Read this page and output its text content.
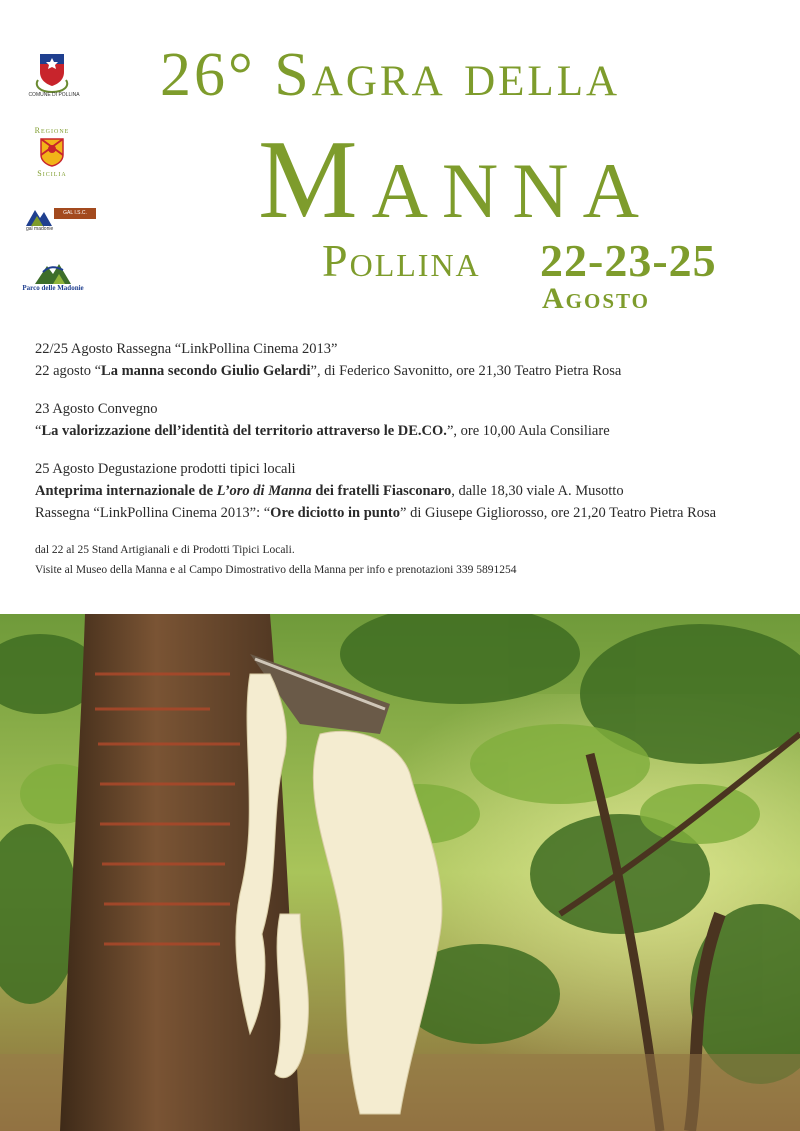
COMUNE DI POLLINA
Regione
Sicilia
GAL I.S.C. MADONIE
gal madonie
Parco delle Madonie
26° Sagra della
Manna
Pollina 22-23-25
Agosto
22/25 Agosto Rassegna “LinkPollina Cinema 2013”
22 agosto “La manna secondo Giulio Gelardi”, di Federico Savonitto, ore 21,30 Teatro Pietra Rosa
23 Agosto Convegno
“La valorizzazione dell’identità del territorio attraverso le DE.CO.”, ore 10,00 Aula Consiliare
25 Agosto Degustazione prodotti tipici locali
Anteprima internazionale de L’oro di Manna dei fratelli Fiasconaro, dalle 18,30 viale A. Musotto
Rassegna “LinkPollina Cinema 2013”: “Ore diciotto in punto” di Giusepe Gigliorosso, ore 21,20 Teatro Pietra Rosa
dal 22 al 25 Stand Artigianali e di Prodotti Tipici Locali.
Visite al Museo della Manna e al Campo Dimostrativo della Manna per info e prenotazioni 339 5891254
